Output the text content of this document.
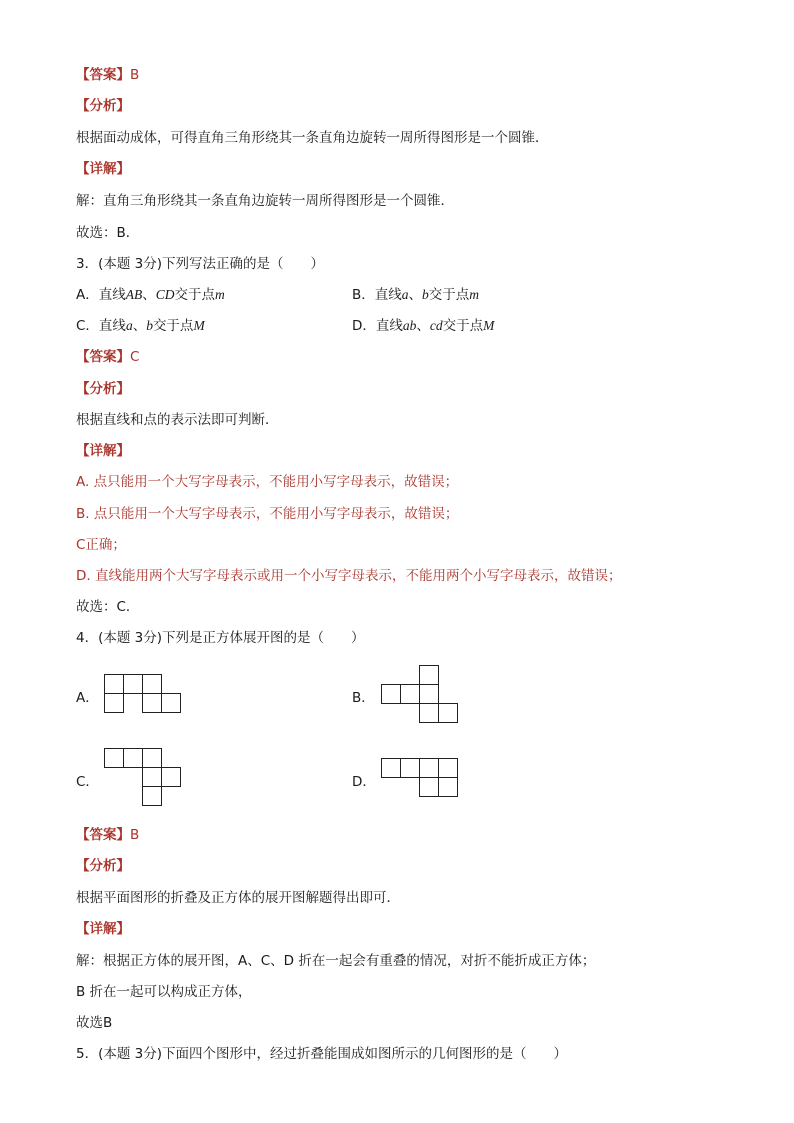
【答案】B
【分析】
根据面动成体，可得直角三角形绕其一条直角边旋转一周所得图形是一个圆锥．
【详解】
解：直角三角形绕其一条直角边旋转一周所得图形是一个圆锥．
故选：B．
3．(本题 3分)下列写法正确的是（　　）
A．直线AB、CD交于点m	B．直线a、b交于点m
C．直线a、b交于点M	D．直线ab、cd交于点M
【答案】C
【分析】
根据直线和点的表示法即可判断．
【详解】
A. 点只能用一个大写字母表示，不能用小写字母表示，故错误；
B. 点只能用一个大写字母表示，不能用小写字母表示，故错误；
C正确；
D. 直线能用两个大写字母表示或用一个小写字母表示，不能用两个小写字母表示，故错误；
故选：C．
4．(本题 3分)下列是正方体展开图的是（　　）
A．	B．
C．	D．
【答案】B
【分析】
根据平面图形的折叠及正方体的展开图解题得出即可．
【详解】
解：根据正方体的展开图，A、C、D 折在一起会有重叠的情况，对折不能折成正方体；
B 折在一起可以构成正方体，
故选B
5．(本题 3分)下面四个图形中，经过折叠能围成如图所示的几何图形的是（　　）
